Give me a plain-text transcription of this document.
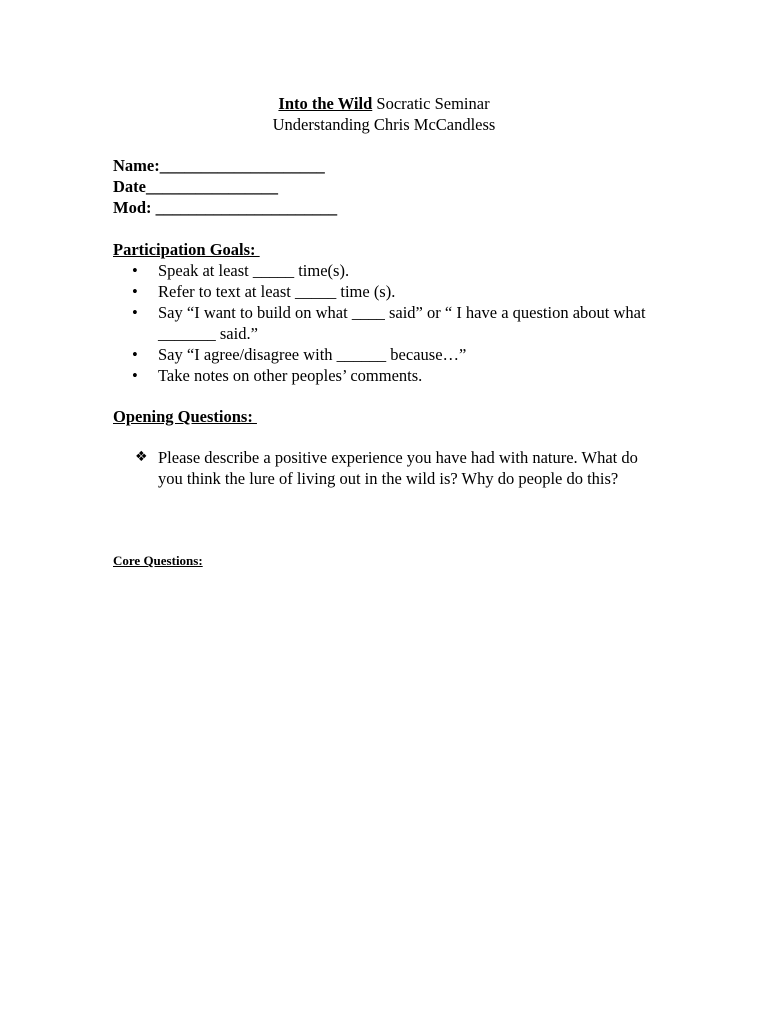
Into the Wild Socratic Seminar
Understanding Chris McCandless
Name:____________________
Date________________
Mod: ______________________
Participation Goals:
• Speak at least _____ time(s).
• Refer to text at least _____ time (s).
• Say “I want to build on what ____ said” or “ I have a question about what _______ said.”
• Say “I agree/disagree with ______ because…”
• Take notes on other peoples’ comments.
Opening Questions:
❖ Please describe a positive experience you have had with nature. What do you think the lure of living out in the wild is? Why do people do this?
Core Questions:
